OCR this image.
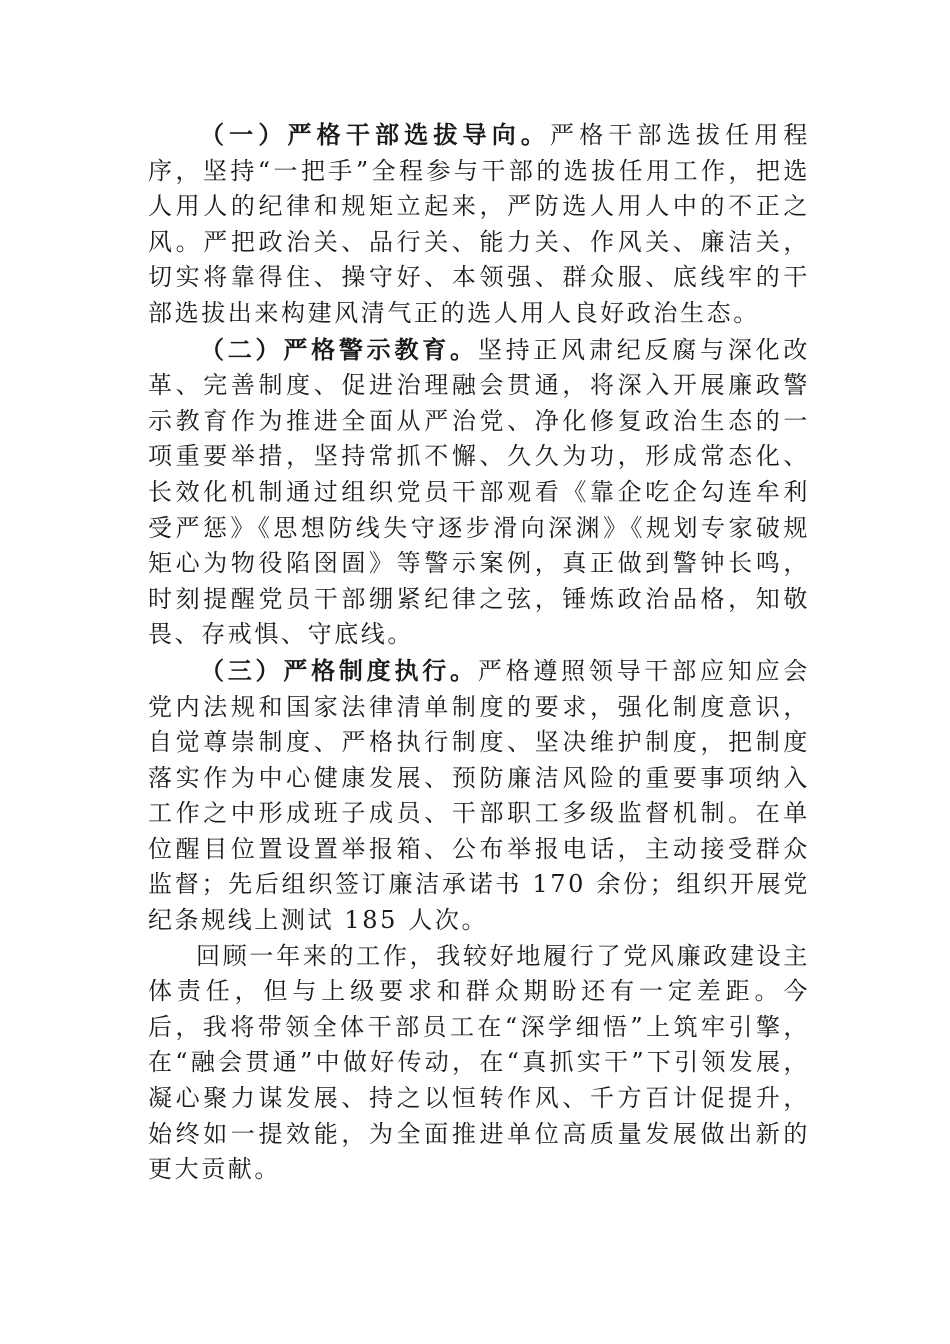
（一）严格干部选拔导向。严格干部选拔任用程序，坚持“一把手”全程参与干部的选拔任用工作，把选人用人的纪律和规矩立起来，严防选人用人中的不正之风。严把政治关、品行关、能力关、作风关、廉洁关，切实将靠得住、操守好、本领强、群众服、底线牢的干部选拔出来构建风清气正的选人用人良好政治生态。

（二）严格警示教育。坚持正风肃纪反腐与深化改革、完善制度、促进治理融会贯通，将深入开展廉政警示教育作为推进全面从严治党、净化修复政治生态的一项重要举措，坚持常抓不懈、久久为功，形成常态化、长效化机制通过组织党员干部观看《靠企吃企勾连牟利受严惩》《思想防线失守逐步滑向深渊》《规划专家破规矩心为物役陷囹圄》等警示案例，真正做到警钟长鸣，时刻提醒党员干部绷紧纪律之弦，锤炼政治品格，知敬畏、存戒惧、守底线。

（三）严格制度执行。严格遵照领导干部应知应会党内法规和国家法律清单制度的要求，强化制度意识，自觉尊崇制度、严格执行制度、坚决维护制度，把制度落实作为中心健康发展、预防廉洁风险的重要事项纳入工作之中形成班子成员、干部职工多级监督机制。在单位醒目位置设置举报箱、公布举报电话，主动接受群众监督；先后组织签订廉洁承诺书 170 余份；组织开展党纪条规线上测试 185 人次。

回顾一年来的工作，我较好地履行了党风廉政建设主体责任，但与上级要求和群众期盼还有一定差距。今后，我将带领全体干部员工在“深学细悟”上筑牢引擎，在“融会贯通”中做好传动，在“真抓实干”下引领发展，凝心聚力谋发展、持之以恒转作风、千方百计促提升，始终如一提效能，为全面推进单位高质量发展做出新的更大贡献。
